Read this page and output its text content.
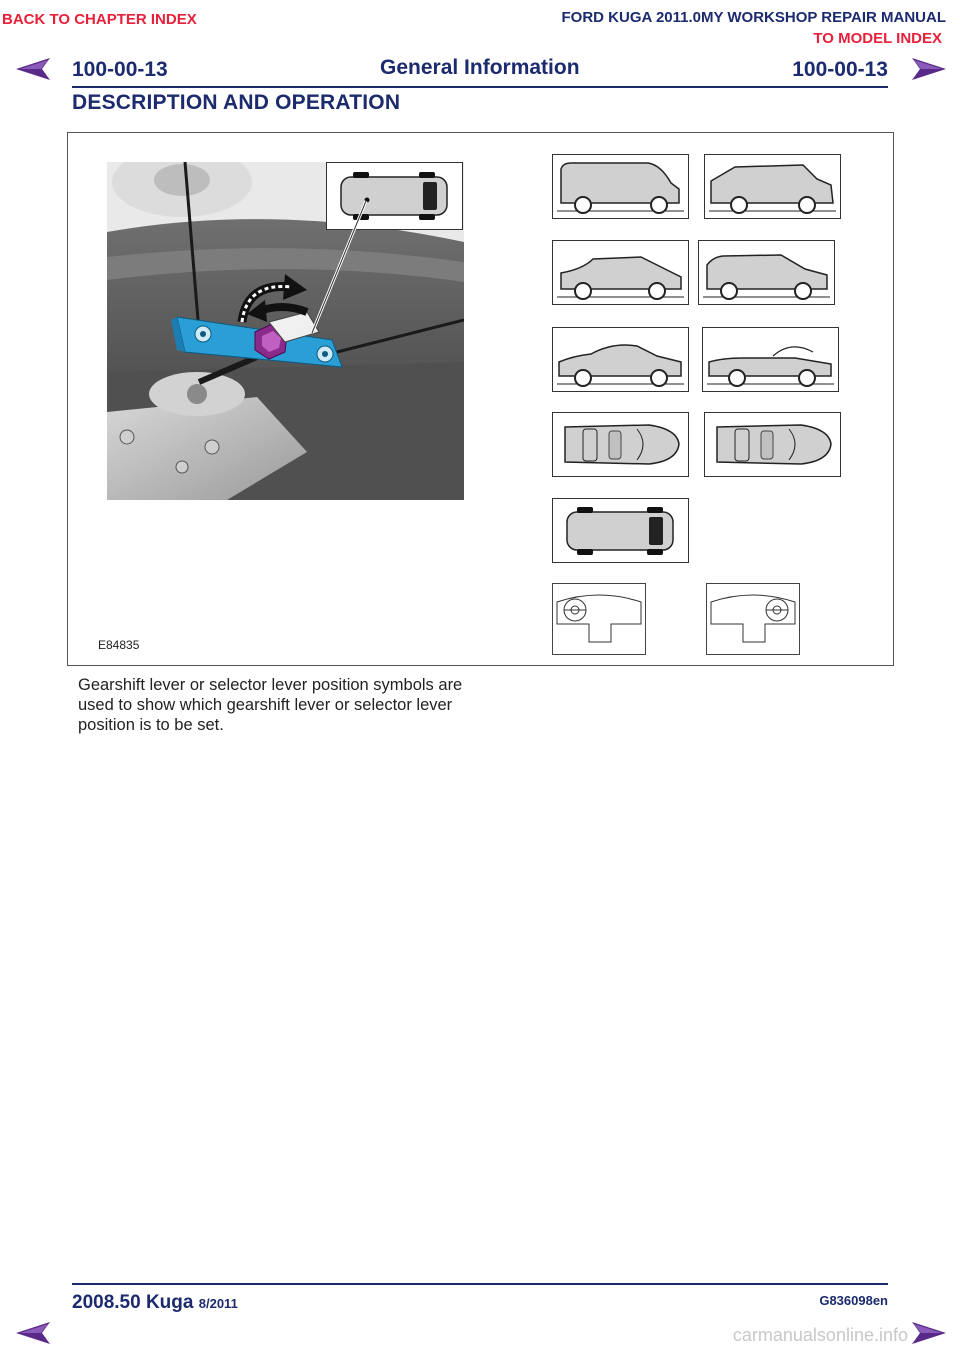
BACK TO CHAPTER INDEX	FORD KUGA 2011.0MY WORKSHOP REPAIR MANUAL
TO MODEL INDEX
100-00-13	General Information	100-00-13
DESCRIPTION AND OPERATION
E84835
Gearshift lever or selector lever position symbols are used to show which gearshift lever or selector lever position is to be set.
2008.50 Kuga 8/2011	G836098en
carmanualsonline.info
